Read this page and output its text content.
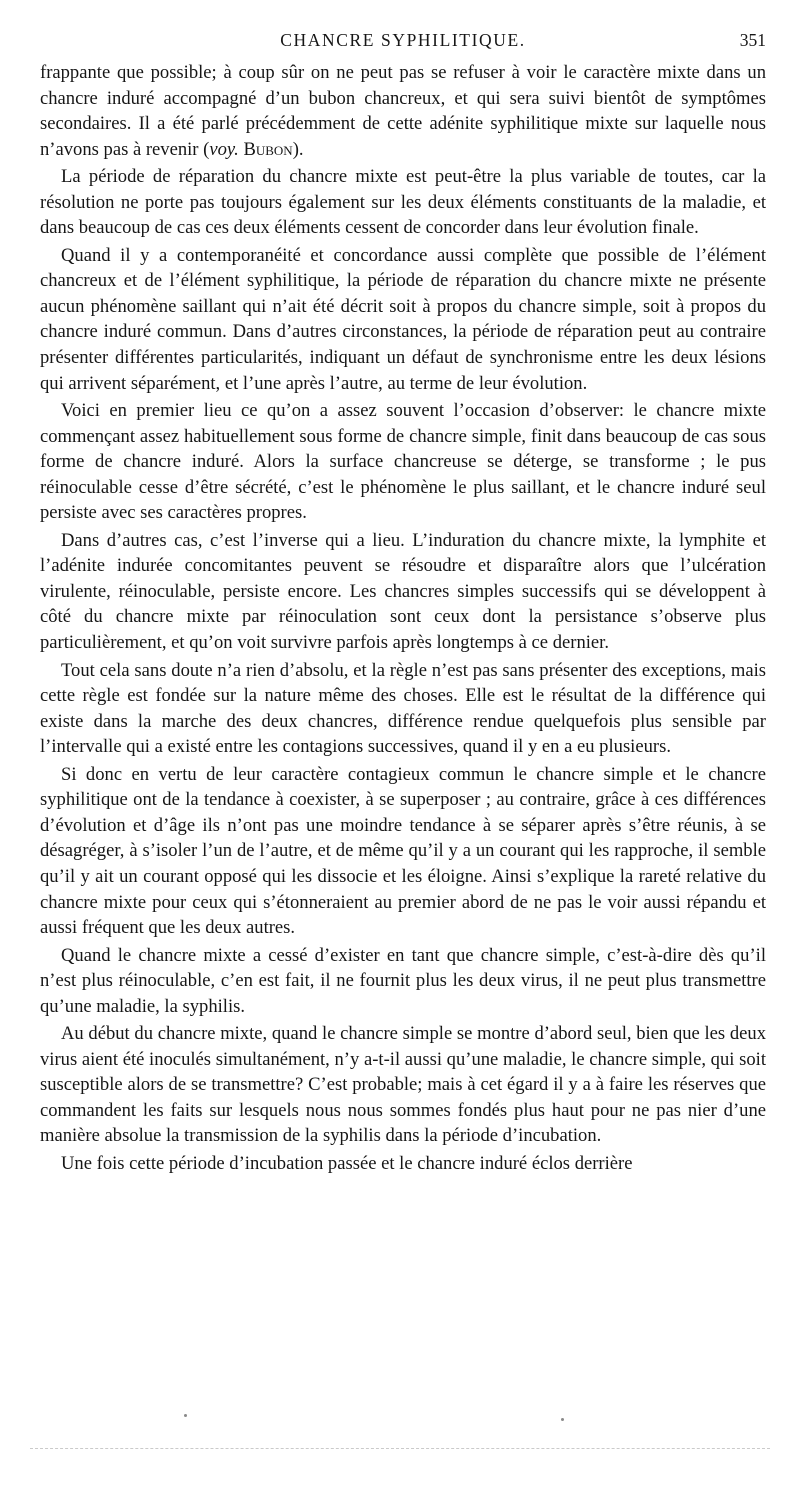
CHANCRE SYPHILITIQUE.	351

frappante que possible; à coup sûr on ne peut pas se refuser à voir le caractère mixte dans un chancre induré accompagné d’un bubon chancreux, et qui sera suivi bientôt de symptômes secondaires. Il a été parlé précédemment de cette adénite syphilitique mixte sur laquelle nous n’avons pas à revenir (voy. Bubon).

La période de réparation du chancre mixte est peut-être la plus variable de toutes, car la résolution ne porte pas toujours également sur les deux éléments constituants de la maladie, et dans beaucoup de cas ces deux éléments cessent de concorder dans leur évolution finale.

Quand il y a contemporanéité et concordance aussi complète que possible de l’élément chancreux et de l’élément syphilitique, la période de réparation du chancre mixte ne présente aucun phénomène saillant qui n’ait été décrit soit à propos du chancre simple, soit à propos du chancre induré commun. Dans d’autres circonstances, la période de réparation peut au contraire présenter différentes particularités, indiquant un défaut de synchronisme entre les deux lésions qui arrivent séparément, et l’une après l’autre, au terme de leur évolution.

Voici en premier lieu ce qu’on a assez souvent l’occasion d’observer: le chancre mixte commençant assez habituellement sous forme de chancre simple, finit dans beaucoup de cas sous forme de chancre induré. Alors la surface chancreuse se déterge, se transforme ; le pus réinoculable cesse d’être sécrété, c’est le phénomène le plus saillant, et le chancre induré seul persiste avec ses caractères propres.

Dans d’autres cas, c’est l’inverse qui a lieu. L’induration du chancre mixte, la lymphite et l’adénite indurée concomitantes peuvent se résoudre et disparaître alors que l’ulcération virulente, réinoculable, persiste encore. Les chancres simples successifs qui se développent à côté du chancre mixte par réinoculation sont ceux dont la persistance s’observe plus particulièrement, et qu’on voit survivre parfois après longtemps à ce dernier.

Tout cela sans doute n’a rien d’absolu, et la règle n’est pas sans présenter des exceptions, mais cette règle est fondée sur la nature même des choses. Elle est le résultat de la différence qui existe dans la marche des deux chancres, différence rendue quelquefois plus sensible par l’intervalle qui a existé entre les contagions successives, quand il y en a eu plusieurs.

Si donc en vertu de leur caractère contagieux commun le chancre simple et le chancre syphilitique ont de la tendance à coexister, à se superposer ; au contraire, grâce à ces différences d’évolution et d’âge ils n’ont pas une moindre tendance à se séparer après s’être réunis, à se désagréger, à s’isoler l’un de l’autre, et de même qu’il y a un courant qui les rapproche, il semble qu’il y ait un courant opposé qui les dissocie et les éloigne. Ainsi s’explique la rareté relative du chancre mixte pour ceux qui s’étonneraient au premier abord de ne pas le voir aussi répandu et aussi fréquent que les deux autres.

Quand le chancre mixte a cessé d’exister en tant que chancre simple, c’est-à-dire dès qu’il n’est plus réinoculable, c’en est fait, il ne fournit plus les deux virus, il ne peut plus transmettre qu’une maladie, la syphilis.

Au début du chancre mixte, quand le chancre simple se montre d’abord seul, bien que les deux virus aient été inoculés simultanément, n’y a-t-il aussi qu’une maladie, le chancre simple, qui soit susceptible alors de se transmettre? C’est probable; mais à cet égard il y a à faire les réserves que commandent les faits sur lesquels nous nous sommes fondés plus haut pour ne pas nier d’une manière absolue la transmission de la syphilis dans la période d’incubation.

Une fois cette période d’incubation passée et le chancre induré éclos derrière
